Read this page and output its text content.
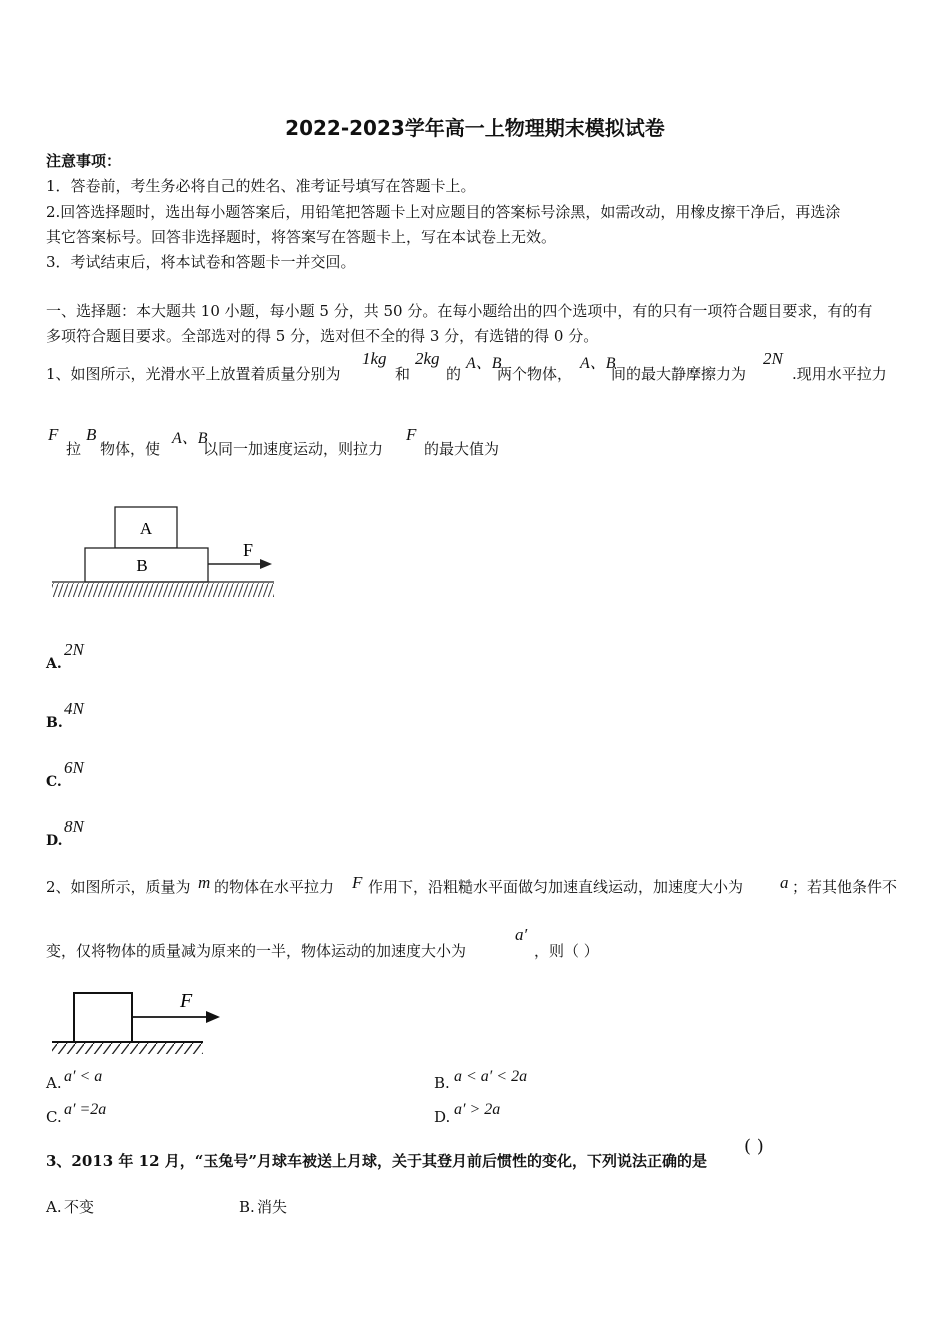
2022-2023学年高一上物理期末模拟试卷
注意事项：
1．答卷前，考生务必将自己的姓名、准考证号填写在答题卡上。
2.回答选择题时，选出每小题答案后，用铅笔把答题卡上对应题目的答案标号涂黑，如需改动，用橡皮擦干净后，再选涂
其它答案标号。回答非选择题时，将答案写在答题卡上，写在本试卷上无效。
3．考试结束后，将本试卷和答题卡一并交回。
一、选择题：本大题共 10 小题，每小题 5 分，共 50 分。在每小题给出的四个选项中，有的只有一项符合题目要求，有的有
多项符合题目要求。全部选对的得 5 分，选对但不全的得 3 分，有选错的得 0 分。
1、如图所示，光滑水平上放置着质量分别为
1kg
和
2kg
的
A、B
两个物体，
A、B
间的最大静摩擦力为
2N
.现用水平拉力
F
拉
B
物体，使
A、B
以同一加速度运动，则拉力
F
的最大值为
A
B
F
A.
2N
B.
4N
C.
6N
D.
8N
2、如图所示，质量为 m 的物体在水平拉力 F 作用下，沿粗糙水平面做匀加速直线运动，加速度大小为 a ；若其他条件不
变，仅将物体的质量减为原来的一半，物体运动的加速度大小为
a′
，则（ ）
F
A. a′ < a	B. a < a′ < 2a
C. a′ =2a	D. a′ > 2a
3、2013 年 12 月，“玉兔号”月球车被送上月球，关于其登月前后惯性的变化，下列说法正确的是
( )
A. 不变	B. 消失
